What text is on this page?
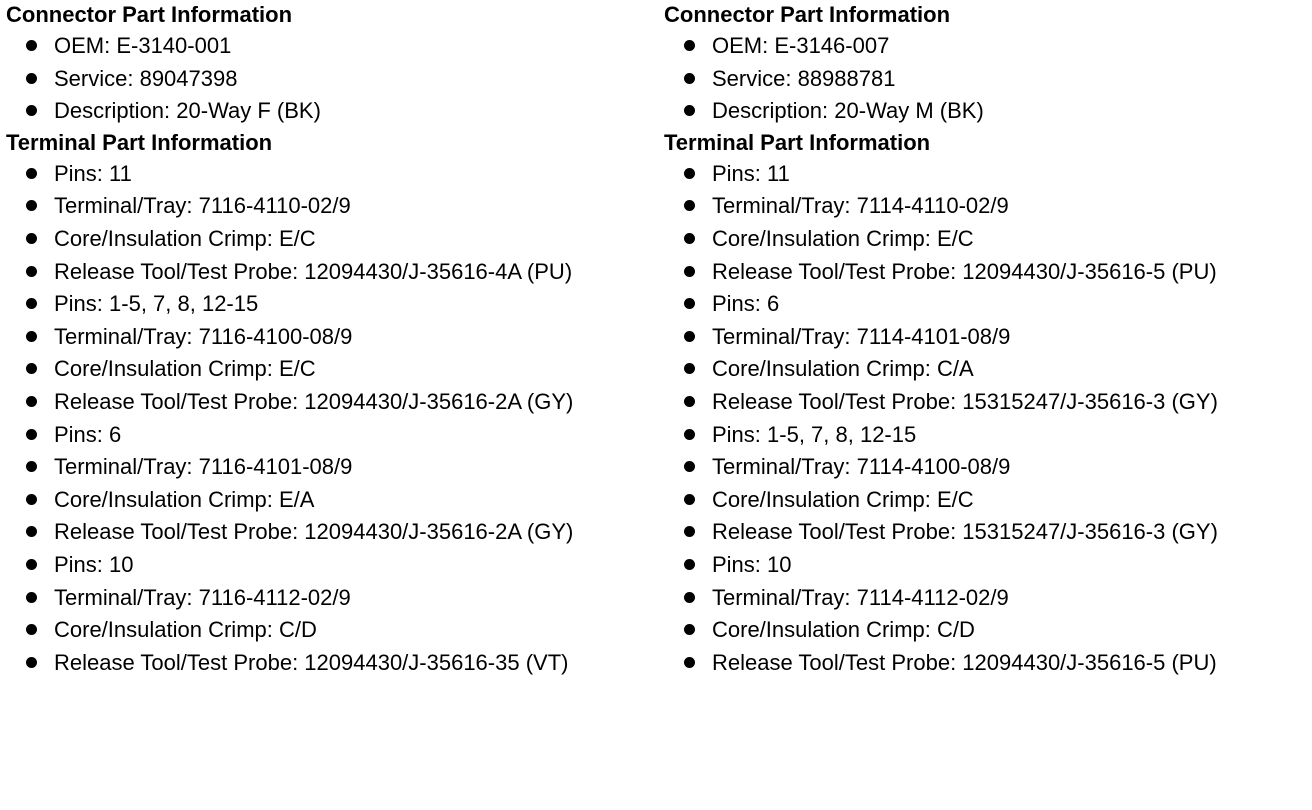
Connector Part Information
OEM: E-3140-001
Service: 89047398
Description: 20-Way F (BK)
Terminal Part Information
Pins: 11
Terminal/Tray: 7116-4110-02/9
Core/Insulation Crimp: E/C
Release Tool/Test Probe: 12094430/J-35616-4A (PU)
Pins: 1-5, 7, 8, 12-15
Terminal/Tray: 7116-4100-08/9
Core/Insulation Crimp: E/C
Release Tool/Test Probe: 12094430/J-35616-2A (GY)
Pins: 6
Terminal/Tray: 7116-4101-08/9
Core/Insulation Crimp: E/A
Release Tool/Test Probe: 12094430/J-35616-2A (GY)
Pins: 10
Terminal/Tray: 7116-4112-02/9
Core/Insulation Crimp: C/D
Release Tool/Test Probe: 12094430/J-35616-35 (VT)
Connector Part Information
OEM: E-3146-007
Service: 88988781
Description: 20-Way M (BK)
Terminal Part Information
Pins: 11
Terminal/Tray: 7114-4110-02/9
Core/Insulation Crimp: E/C
Release Tool/Test Probe: 12094430/J-35616-5 (PU)
Pins: 6
Terminal/Tray: 7114-4101-08/9
Core/Insulation Crimp: C/A
Release Tool/Test Probe: 15315247/J-35616-3 (GY)
Pins: 1-5, 7, 8, 12-15
Terminal/Tray: 7114-4100-08/9
Core/Insulation Crimp: E/C
Release Tool/Test Probe: 15315247/J-35616-3 (GY)
Pins: 10
Terminal/Tray: 7114-4112-02/9
Core/Insulation Crimp: C/D
Release Tool/Test Probe: 12094430/J-35616-5 (PU)
